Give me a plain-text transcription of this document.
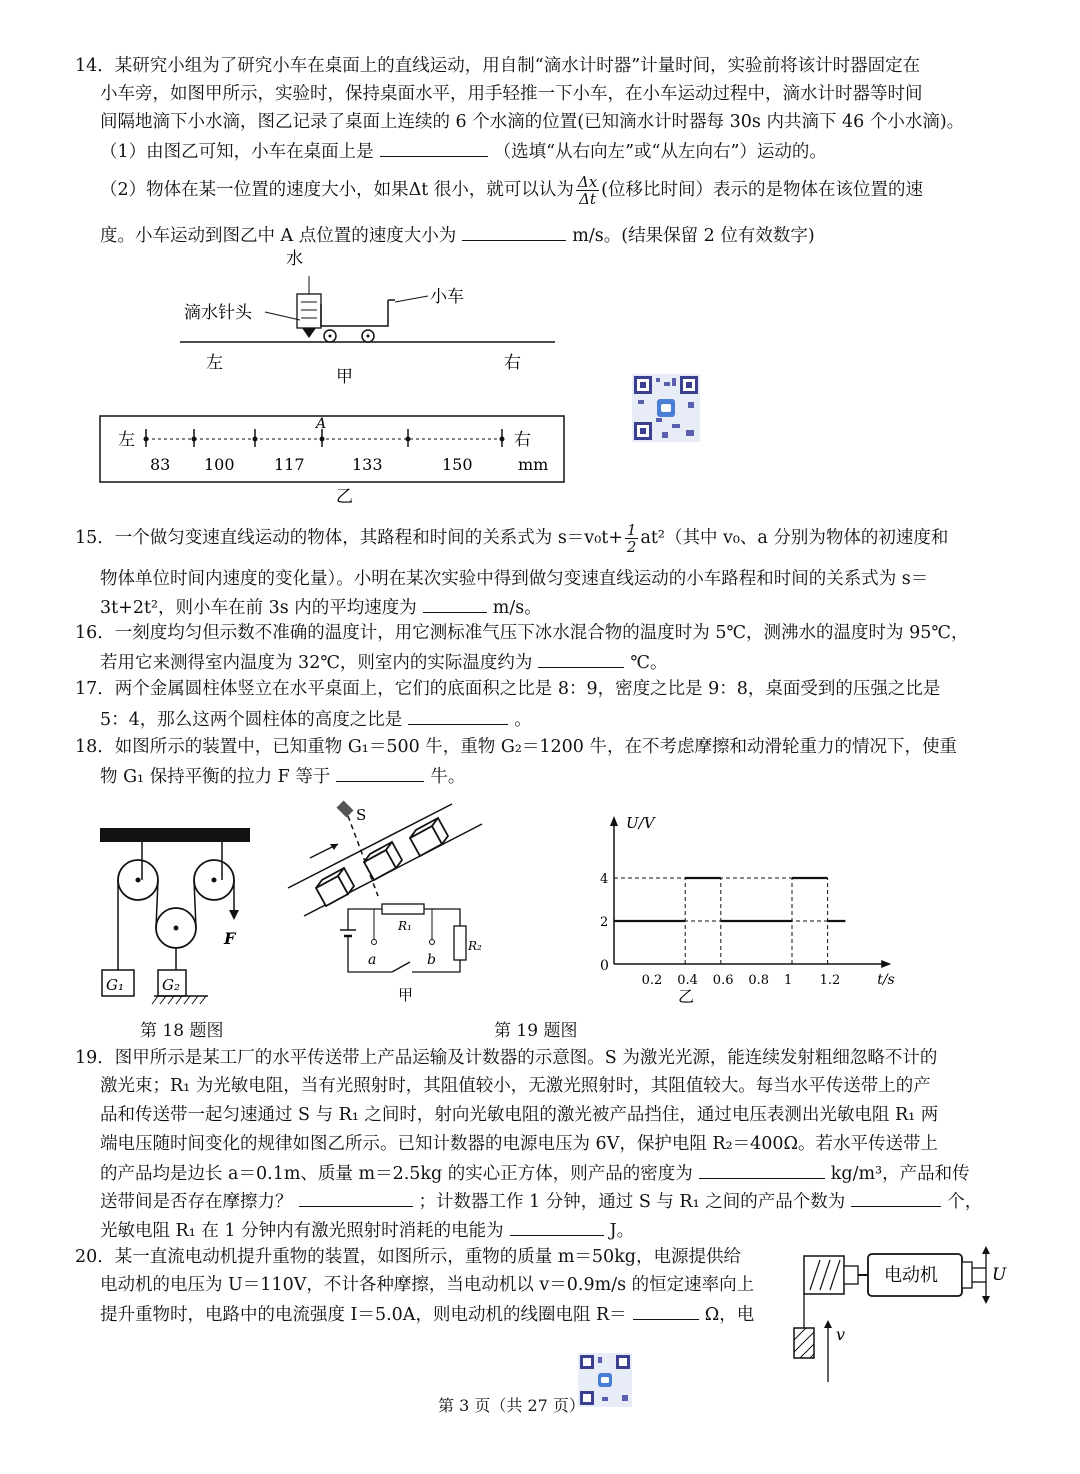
14．某研究小组为了研究小车在桌面上的直线运动，用自制“滴水计时器”计量时间，实验前将该计时器固定在
小车旁，如图甲所示，实验时，保持桌面水平，用手轻推一下小车，在小车运动过程中，滴水计时器等时间
间隔地滴下小水滴，图乙记录了桌面上连续的 6 个水滴的位置(已知滴水计时器每 30s 内共滴下 46 个小水滴)。
（1）由图乙可知，小车在桌面上是	（选填“从右向左”或“从左向右”）运动的。
（2）物体在某一位置的速度大小，如果Δt 很小，就可以认为 $\frac{\Delta x}{\Delta t}$ (位移比时间）表示的是物体在该位置的速
度。小车运动到图乙中 A 点位置的速度大小为	m/s。(结果保留 2 位有效数字)
水
滴水针头
小车
左	右
甲
左	右
A
83 100 117	133	150	mm
乙
15．一个做匀变速直线运动的物体，其路程和时间的关系式为 $s=v_0t+ \frac{1}{2} at^2$（其中 v₀、a 分别为物体的初速度和
物体单位时间内速度的变化量）。小明在某次实验中得到做匀变速直线运动的小车路程和时间的关系式为 s＝
3t+2t²，则小车在前 3s 内的平均速度为	m/s。
16．一刻度均匀但示数不准确的温度计，用它测标准气压下冰水混合物的温度时为 5℃，测沸水的温度时为 95℃，
若用它来测得室内温度为 32℃，则室内的实际温度约为	℃。
17．两个金属圆柱体竖立在水平桌面上，它们的底面积之比是 8：9，密度之比是 9：8，桌面受到的压强之比是
5：4，那么这两个圆柱体的高度之比是	。
18．如图所示的装置中，已知重物 G₁＝500 牛，重物 G₂＝1200 牛，在不考虑摩擦和动滑轮重力的情况下，使重
物 G₁ 保持平衡的拉力 F 等于	牛。
G₁	G₂
F
第 18 题图
S
R₁
R₂
a	b
甲
U/V
t/s
0
0.2 0.4 0.6 0.8 1 1.2
2
4
乙
第 19 题图
19．图甲所示是某工厂的水平传送带上产品运输及计数器的示意图。S 为激光光源，能连续发射粗细忽略不计的
激光束；R₁ 为光敏电阻，当有光照射时，其阻值较小，无激光照射时，其阻值较大。每当水平传送带上的产
品和传送带一起匀速通过 S 与 R₁ 之间时，射向光敏电阻的激光被产品挡住，通过电压表测出光敏电阻 R₁ 两
端电压随时间变化的规律如图乙所示。已知计数器的电源电压为 6V，保护电阻 R₂＝400Ω。若水平传送带上
的产品均是边长 a＝0.1m、质量 m＝2.5kg 的实心正方体，则产品的密度为	kg/m³，产品和传
送带间是否存在摩擦力？	；计数器工作 1 分钟，通过 S 与 R₁ 之间的产品个数为	个，
光敏电阻 R₁ 在 1 分钟内有激光照射时消耗的电能为	J。
20．某一直流电动机提升重物的装置，如图所示，重物的质量 m＝50kg，电源提供给
电动机的电压为 U＝110V，不计各种摩擦，当电动机以 v＝0.9m/s 的恒定速率向上
提升重物时，电路中的电流强度 I＝5.0A，则电动机的线圈电阻 R＝	Ω，电
电动机	U
v
第 3 页（共 27 页）
